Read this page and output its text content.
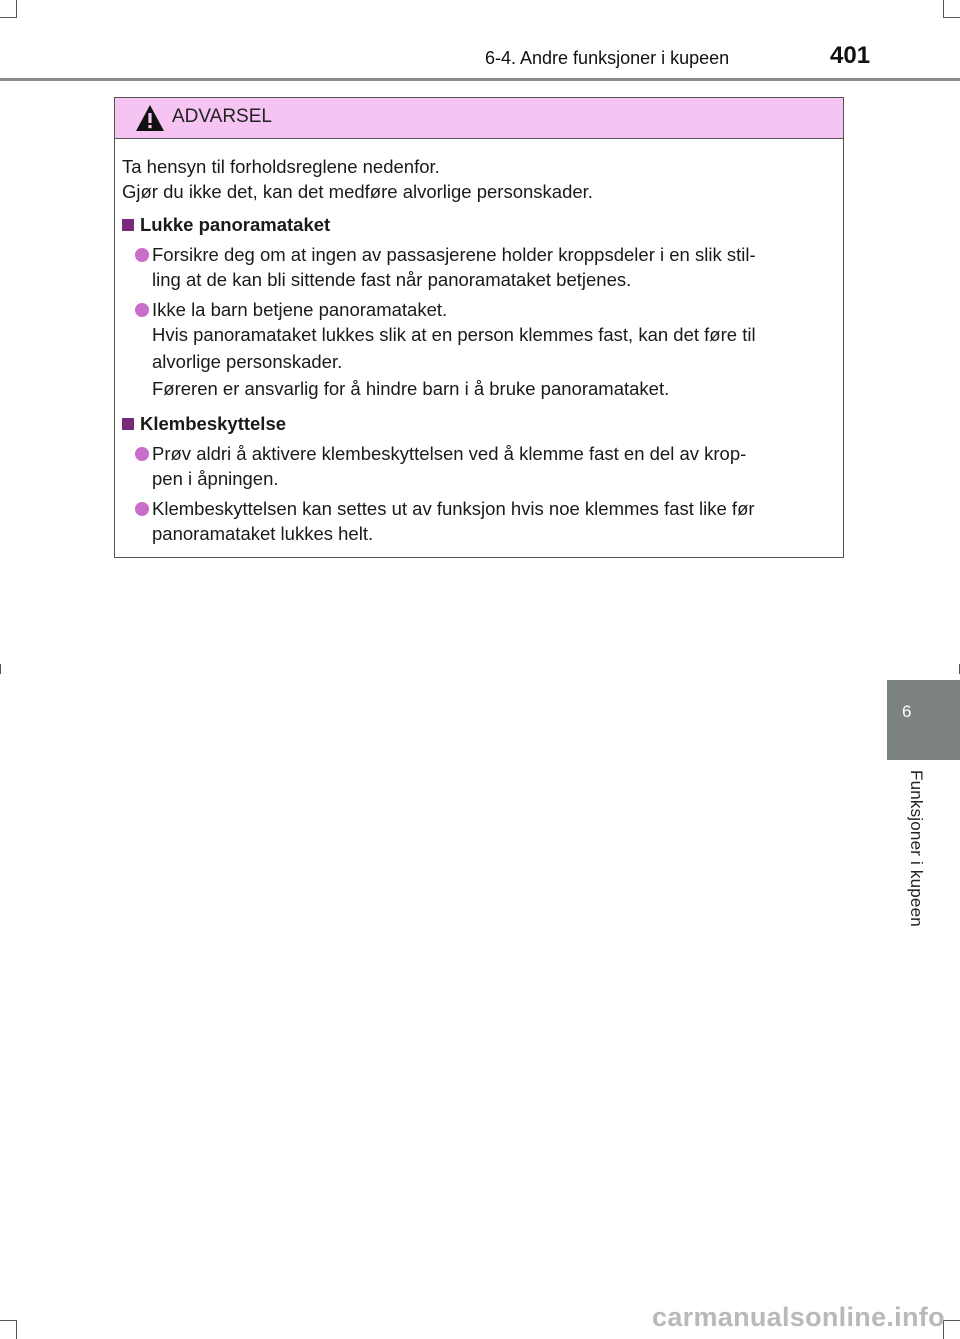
6-4. Andre funksjoner i kupeen	401
ADVARSEL
Ta hensyn til forholdsreglene nedenfor.
Gjør du ikke det, kan det medføre alvorlige personskader.
Lukke panoramataket
Forsikre deg om at ingen av passasjerene holder kroppsdeler i en slik stil-
ling at de kan bli sittende fast når panoramataket betjenes.
Ikke la barn betjene panoramataket.
Hvis panoramataket lukkes slik at en person klemmes fast, kan det føre til
alvorlige personskader.
Føreren er ansvarlig for å hindre barn i å bruke panoramataket.
Klembeskyttelse
Prøv aldri å aktivere klembeskyttelsen ved å klemme fast en del av krop-
pen i åpningen.
Klembeskyttelsen kan settes ut av funksjon hvis noe klemmes fast like før
panoramataket lukkes helt.
6
Funksjoner i kupeen
carmanualsonline.info
